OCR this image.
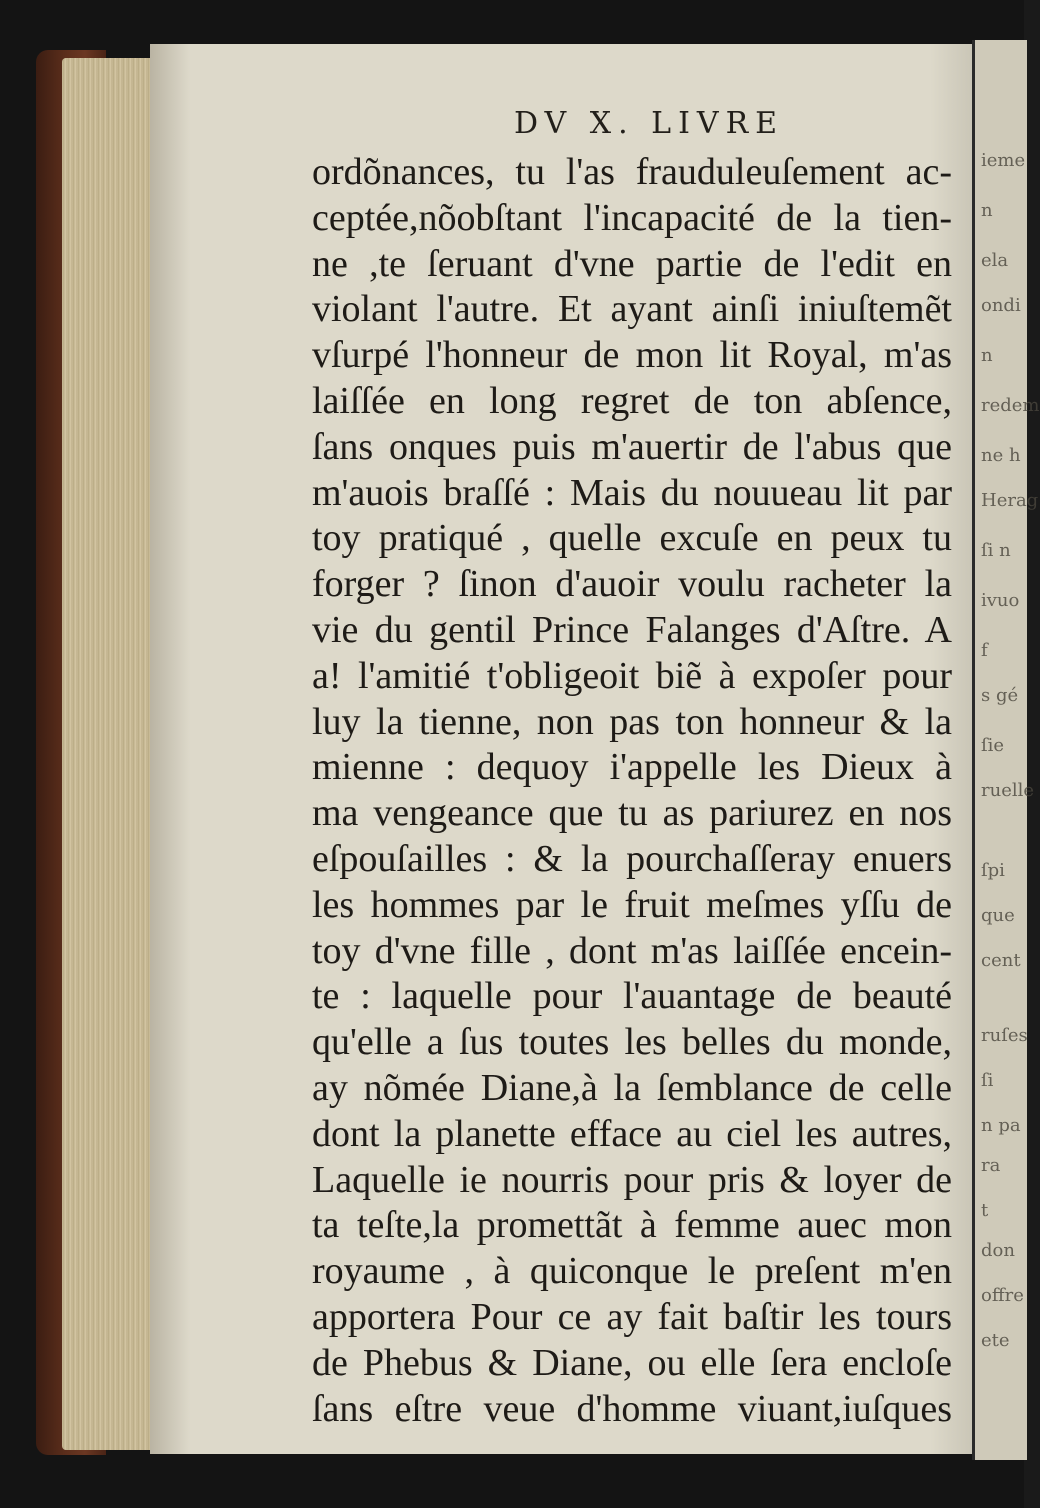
DV X. LIVRE
ordõnances, tu l'as frauduleuſement ac-
ceptée,nõobſtant l'incapacité de la tien-
ne ,te ſeruant d'vne partie de l'edit en
violant l'autre. Et ayant ainſi iniuſtemẽt
vſurpé l'honneur de mon lit Royal, m'as
laiſſée en long regret de ton abſence,
ſans onques puis m'auertir de l'abus que
m'auois braſſé : Mais du nouueau lit par
toy pratiqué , quelle excuſe en peux tu
forger ? ſinon d'auoir voulu racheter la
vie du gentil Prince Falanges d'Aſtre. A
a! l'amitié t'obligeoit biẽ à expoſer pour
luy la tienne, non pas ton honneur & la
mienne : dequoy i'appelle les Dieux à
ma vengeance que tu as pariurez en nos
eſpouſailles : & la pourchaſſeray enuers
les hommes par le fruit meſmes yſſu de
toy d'vne fille , dont m'as laiſſée encein-
te : laquelle pour l'auantage de beauté
qu'elle a ſus toutes les belles du monde,
ay nõmée Diane,à la ſemblance de celle
dont la planette efface au ciel les autres,
Laquelle ie nourris pour pris & loyer de
ta teſte,la promettãt à femme auec mon
royaume , à quiconque le preſent m'en
apportera Pour ce ay fait baſtir les tours
de Phebus & Diane, ou elle ſera encloſe
ſans eſtre veue d'homme viuant,iuſques
ieme
n
ela
ondi
n
redem
ne h
Herag
ſi n
ivuo
f
s gé
ſie
ruelle
ſpi
que
cent
ruſes
ſi
n pa
ra
t
don
offre
ete
